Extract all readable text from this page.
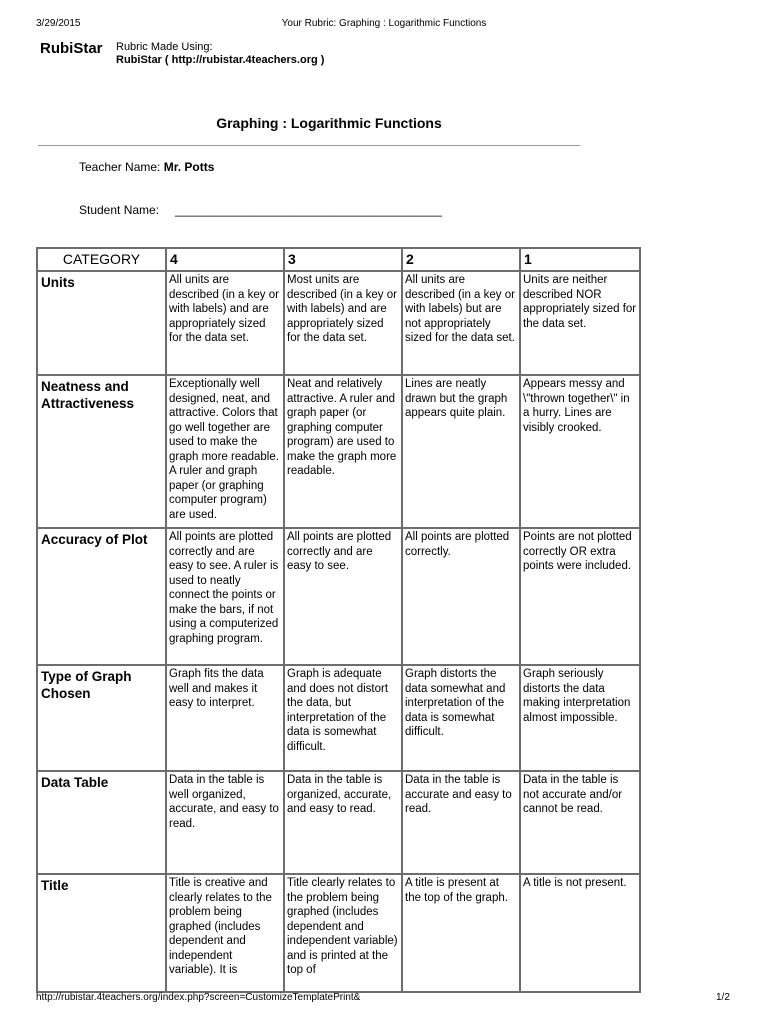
3/29/2015	Your Rubric: Graphing : Logarithmic Functions
RubiStar Rubric Made Using:
RubiStar ( http://rubistar.4teachers.org )
Graphing : Logarithmic Functions
Teacher Name: Mr. Potts
Student Name: ________________________________________
CATEGORY	4	3	2	1
Units	All units are described (in a key or with labels) and are appropriately sized for the data set.	Most units are described (in a key or with labels) and are appropriately sized for the data set.	All units are described (in a key or with labels) but are not appropriately sized for the data set.	Units are neither described NOR appropriately sized for the data set.
Neatness and Attractiveness	Exceptionally well designed, neat, and attractive. Colors that go well together are used to make the graph more readable. A ruler and graph paper (or graphing computer program) are used.	Neat and relatively attractive. A ruler and graph paper (or graphing computer program) are used to make the graph more readable.	Lines are neatly drawn but the graph appears quite plain.	Appears messy and \"thrown together\" in a hurry. Lines are visibly crooked.
Accuracy of Plot	All points are plotted correctly and are easy to see. A ruler is used to neatly connect the points or make the bars, if not using a computerized graphing program.	All points are plotted correctly and are easy to see.	All points are plotted correctly.	Points are not plotted correctly OR extra points were included.
Type of Graph Chosen	Graph fits the data well and makes it easy to interpret.	Graph is adequate and does not distort the data, but interpretation of the data is somewhat difficult.	Graph distorts the data somewhat and interpretation of the data is somewhat difficult.	Graph seriously distorts the data making interpretation almost impossible.
Data Table	Data in the table is well organized, accurate, and easy to read.	Data in the table is organized, accurate, and easy to read.	Data in the table is accurate and easy to read.	Data in the table is not accurate and/or cannot be read.
Title	Title is creative and clearly relates to the problem being graphed (includes dependent and independent variable). It is	Title clearly relates to the problem being graphed (includes dependent and independent variable) and is printed at the top of	A title is present at the top of the graph.	A title is not present.
http://rubistar.4teachers.org/index.php?screen=CustomizeTemplatePrint&	1/2
